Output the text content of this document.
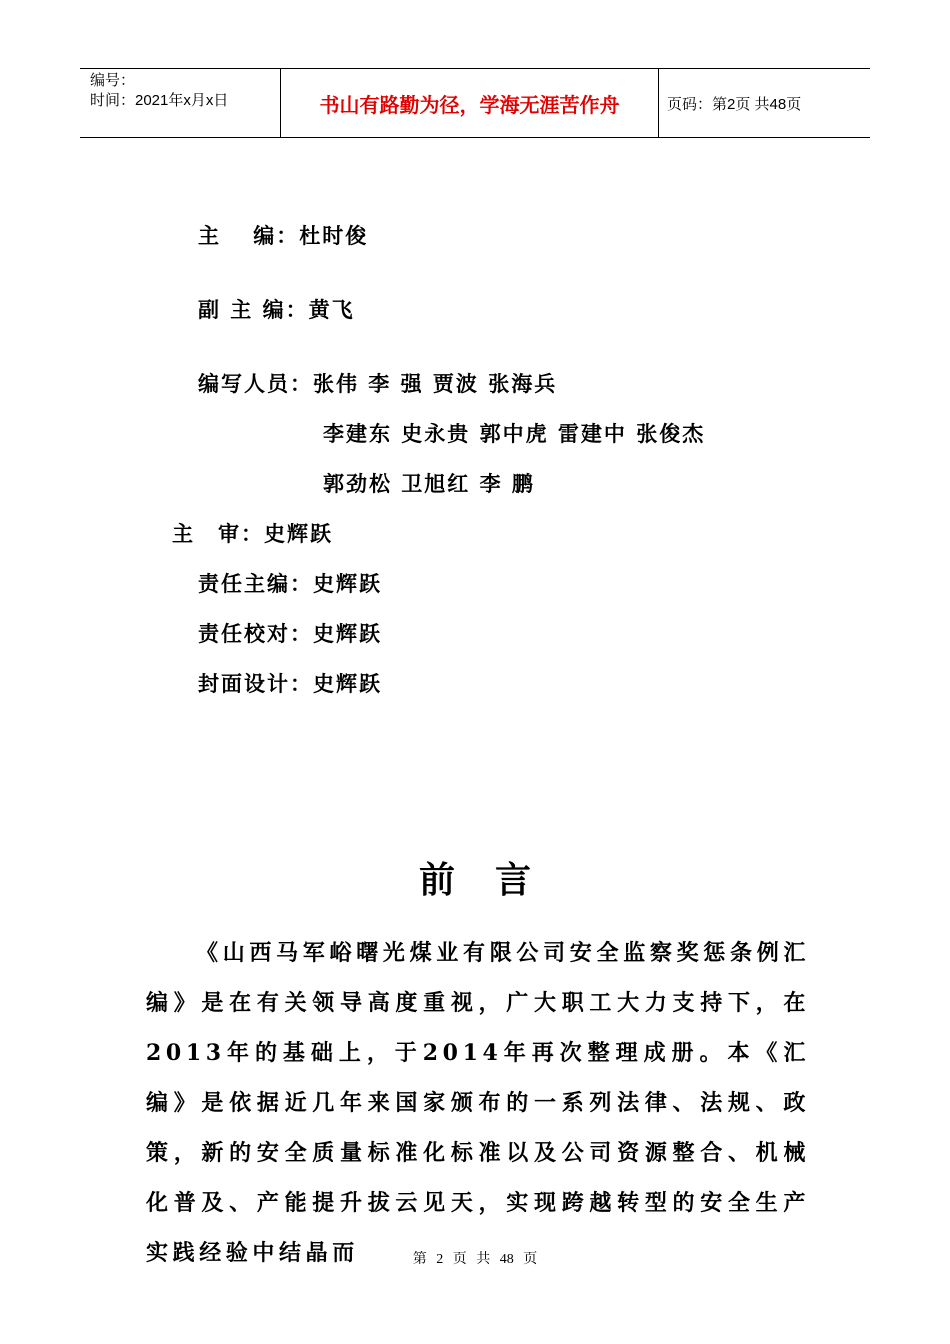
编号：
时间：2021年x月x日	书山有路勤为径，学海无涯苦作舟	页码：第2页 共48页
主　 编：杜时俊
副 主 编：黄飞
编写人员：张伟 李 强 贾波 张海兵
李建东 史永贵 郭中虎 雷建中 张俊杰
郭劲松 卫旭红 李 鹏
主　审：史辉跃
责任主编：史辉跃
责任校对：史辉跃
封面设计：史辉跃
前言
《山西马军峪曙光煤业有限公司安全监察奖惩条例汇编》是在有关领导高度重视，广大职工大力支持下，在2013年的基础上，于2014年再次整理成册。本《汇编》是依据近几年来国家颁布的一系列法律、法规、政策，新的安全质量标准化标准以及公司资源整合、机械化普及、产能提升拔云见天，实现跨越转型的安全生产实践经验中结晶而	第 2 页 共 48 页
